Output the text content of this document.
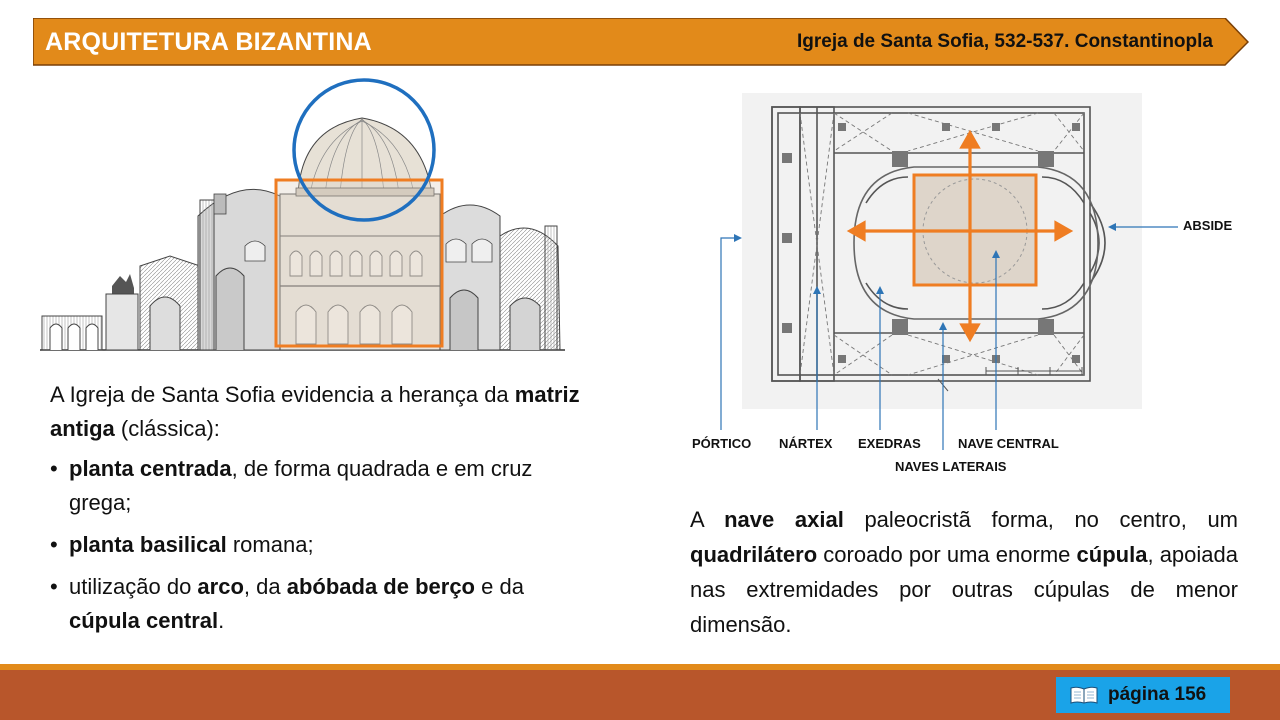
ARQUITETURA BIZANTINA	Igreja de Santa Sofia, 532-537. Constantinopla

A Igreja de Santa Sofia evidencia a herança da matriz antiga (clássica):

• planta centrada, de forma quadrada e em cruz grega;
• planta basilical romana;
• utilização do arco, da abóbada de berço e da cúpula central.
ABSIDE
PÓRTICO NÁRTEX EXEDRAS	NAVE CENTRAL
NAVES LATERAIS
A nave axial paleocristã forma, no centro, um quadrilátero coroado por uma enorme cúpula, apoiada nas extremidades por outras cúpulas de menor dimensão.
página 156
